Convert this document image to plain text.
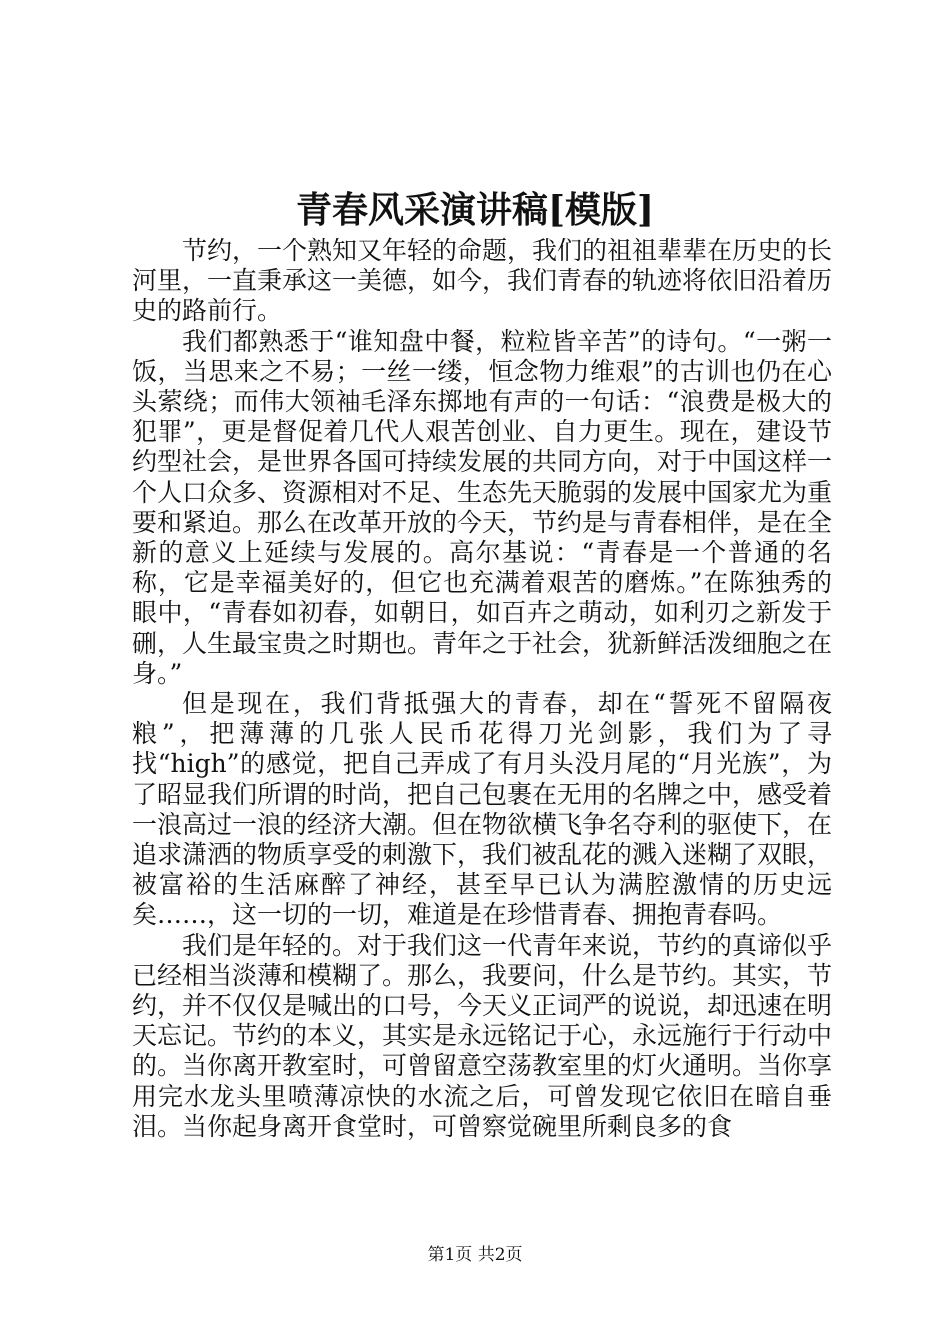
青春风采演讲稿[模版]

节约，一个熟知又年轻的命题，我们的祖祖辈辈在历史的长河里，一直秉承这一美德，如今，我们青春的轨迹将依旧沿着历史的路前行。

我们都熟悉于“谁知盘中餐，粒粒皆辛苦”的诗句。“一粥一饭，当思来之不易；一丝一缕，恒念物力维艰”的古训也仍在心头萦绕；而伟大领袖毛泽东掷地有声的一句话：“浪费是极大的犯罪”，更是督促着几代人艰苦创业、自力更生。现在，建设节约型社会，是世界各国可持续发展的共同方向，对于中国这样一个人口众多、资源相对不足、生态先天脆弱的发展中国家尤为重要和紧迫。那么在改革开放的今天，节约是与青春相伴，是在全新的意义上延续与发展的。高尔基说：“青春是一个普通的名称，它是幸福美好的，但它也充满着艰苦的磨炼。”在陈独秀的眼中，“青春如初春，如朝日，如百卉之萌动，如利刃之新发于硎，人生最宝贵之时期也。青年之于社会，犹新鲜活泼细胞之在身。”

但是现在，我们背抵强大的青春，却在“誓死不留隔夜粮”，把薄薄的几张人民币花得刀光剑影，我们为了寻找“high”的感觉，把自己弄成了有月头没月尾的“月光族”，为了昭显我们所谓的时尚，把自己包裹在无用的名牌之中，感受着一浪高过一浪的经济大潮。但在物欲横飞争名夺利的驱使下，在追求潇洒的物质享受的刺激下，我们被乱花的溅入迷糊了双眼，被富裕的生活麻醉了神经，甚至早已认为满腔激情的历史远矣……，这一切的一切，难道是在珍惜青春、拥抱青春吗。

我们是年轻的。对于我们这一代青年来说，节约的真谛似乎已经相当淡薄和模糊了。那么，我要问，什么是节约。其实，节约，并不仅仅是喊出的口号，今天义正词严的说说，却迅速在明天忘记。节约的本义，其实是永远铭记于心，永远施行于行动中的。当你离开教室时，可曾留意空荡教室里的灯火通明。当你享用完水龙头里喷薄凉快的水流之后，可曾发现它依旧在暗自垂泪。当你起身离开食堂时，可曾察觉碗里所剩良多的食

第1页 共2页
